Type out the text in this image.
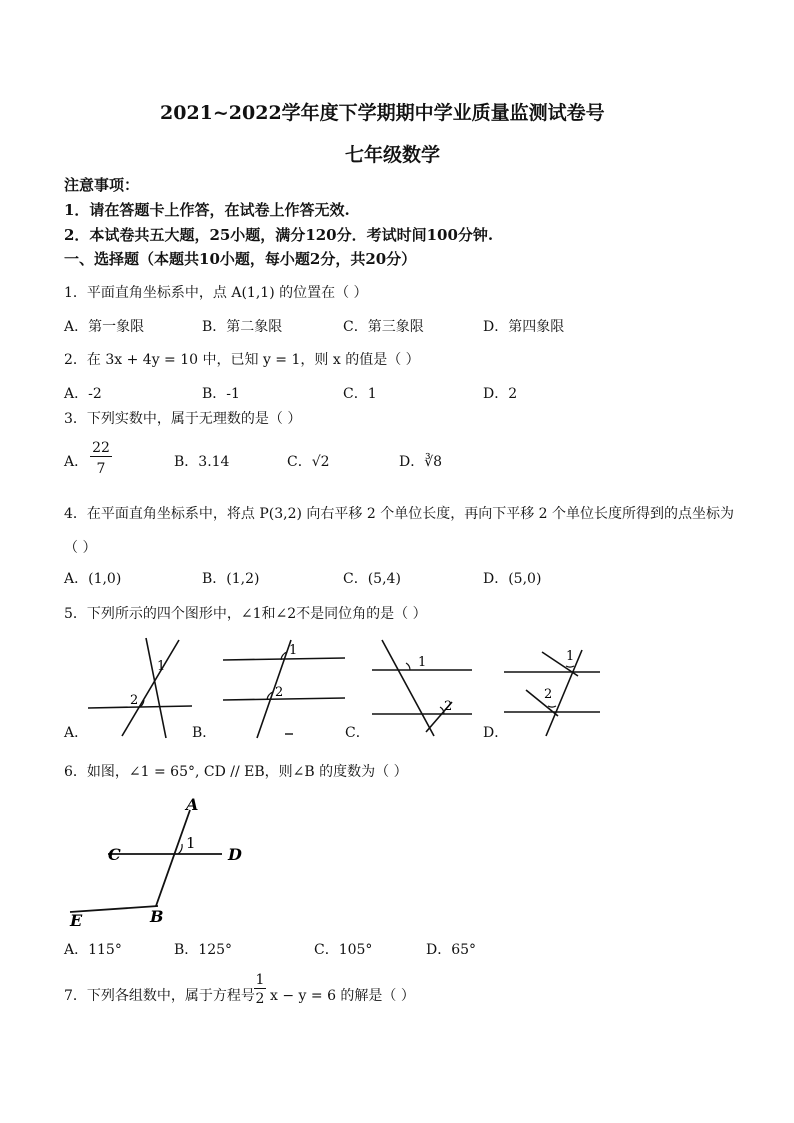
2021~2022学年度下学期期中学业质量监测试卷号
七年级数学
注意事项：
1．请在答题卡上作答，在试卷上作答无效.
2．本试卷共五大题，25小题，满分120分．考试时间100分钟.
一、选择题（本题共10小题，每小题2分，共20分）
1．平面直角坐标系中，点 A(1,1) 的位置在（ ）
A．第一象限	B．第二象限	C．第三象限	D．第四象限
2．在 3x + 4y = 10 中，已知 y = 1，则 x 的值是（ ）
A．-2	B．-1	C．1	D．2
3．下列实数中，属于无理数的是（ ）
A．
22
7	B．3.14	C．√2	D．∛8
4．在平面直角坐标系中，将点 P(3,2) 向右平移 2 个单位长度，再向下平移 2 个单位长度所得到的点坐标为
（ ）
A．(1,0)	B．(1,2)	C．(5,4)	D．(5,0)
5．下列所示的四个图形中，∠1和∠2不是同位角的是（ ）
1
2
A．
1
2
B．
1
2
C．
1
2
D．
6．如图，∠1 = 65°, CD // EB，则∠B 的度数为（ ）
A
1
C	D
E	B
A．115°	B．125°	C．105°	D．65°
7．下列各组数中，属于方程号
1
2 x − y = 6 的解是（ ）
